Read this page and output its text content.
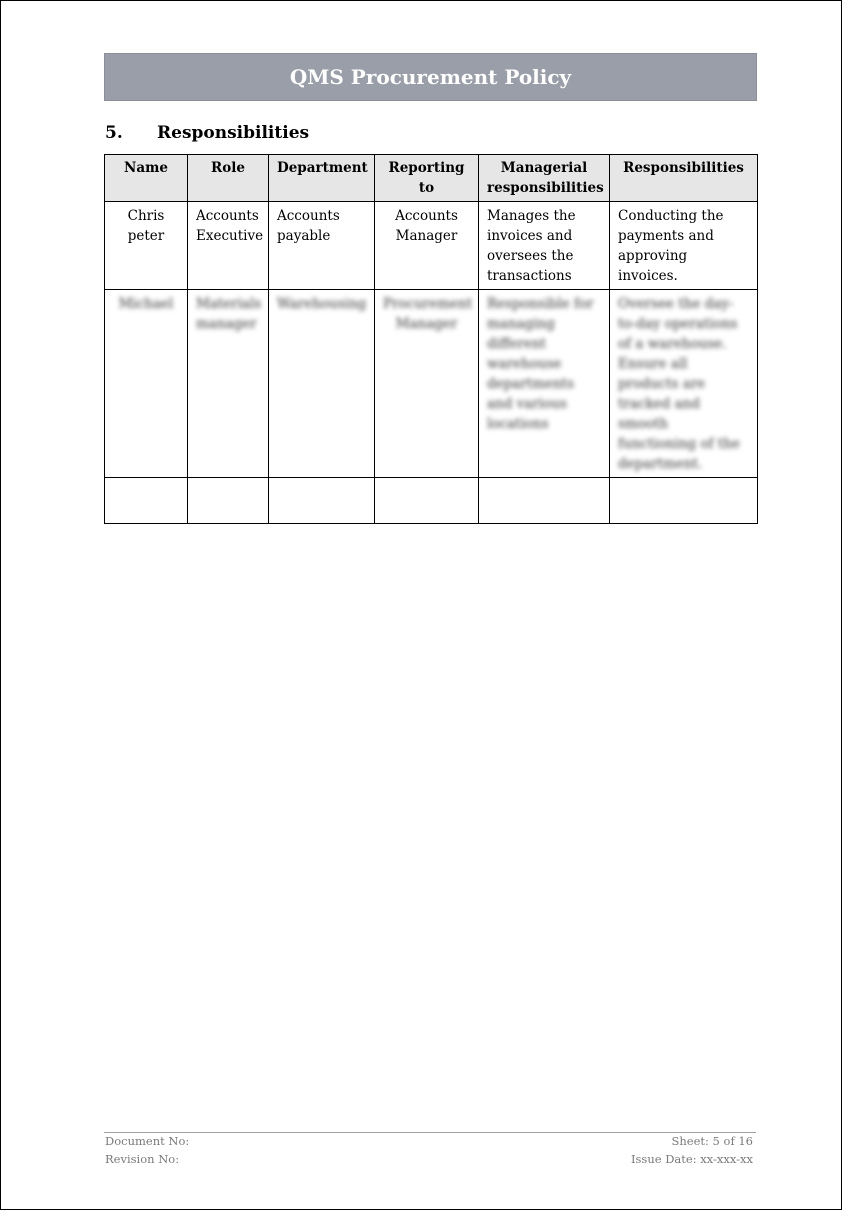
QMS Procurement Policy
5.	Responsibilities
Name	Role	Department	Reporting to	Managerial responsibilities	Responsibilities
Chris peter	Accounts Executive	Accounts payable	Accounts Manager	Manages the invoices and oversees the transactions	Conducting the payments and approving invoices.

Michael	Materials manager	Warehousing	Procurement Manager	Responsible for managing different warehouse departments and various locations	Oversee the day-to-day operations of a warehouse. Ensure all products are tracked and smooth functioning of the department.

Document No:
Revision No:
Sheet: 5 of 16
Issue Date: xx-xxx-xx
